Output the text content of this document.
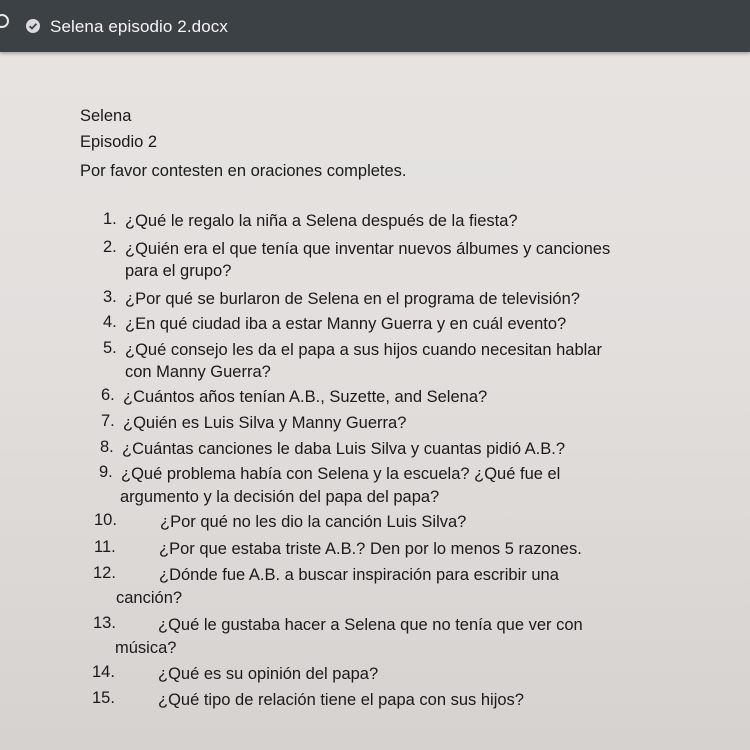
Selena episodio 2.docx
Selena
Episodio 2
Por favor contesten en oraciones completes.
1. ¿Qué le regalo la niña a Selena después de la fiesta?
2. ¿Quién era el que tenía que inventar nuevos álbumes y canciones
para el grupo?
3. ¿Por qué se burlaron de Selena en el programa de televisión?
4. ¿En qué ciudad iba a estar Manny Guerra y en cuál evento?
5. ¿Qué consejo les da el papa a sus hijos cuando necesitan hablar
con Manny Guerra?
6. ¿Cuántos años tenían A.B., Suzette, and Selena?
7. ¿Quién es Luis Silva y Manny Guerra?
8. ¿Cuántas canciones le daba Luis Silva y cuantas pidió A.B.?
9. ¿Qué problema había con Selena y la escuela? ¿Qué fue el
argumento y la decisión del papa del papa?
10.	¿Por qué no les dio la canción Luis Silva?
11.	¿Por que estaba triste A.B.? Den por lo menos 5 razones.
12.	¿Dónde fue A.B. a buscar inspiración para escribir una
canción?
13.	¿Qué le gustaba hacer a Selena que no tenía que ver con
música?
14.	¿Qué es su opinión del papa?
15.	¿Qué tipo de relación tiene el papa con sus hijos?
